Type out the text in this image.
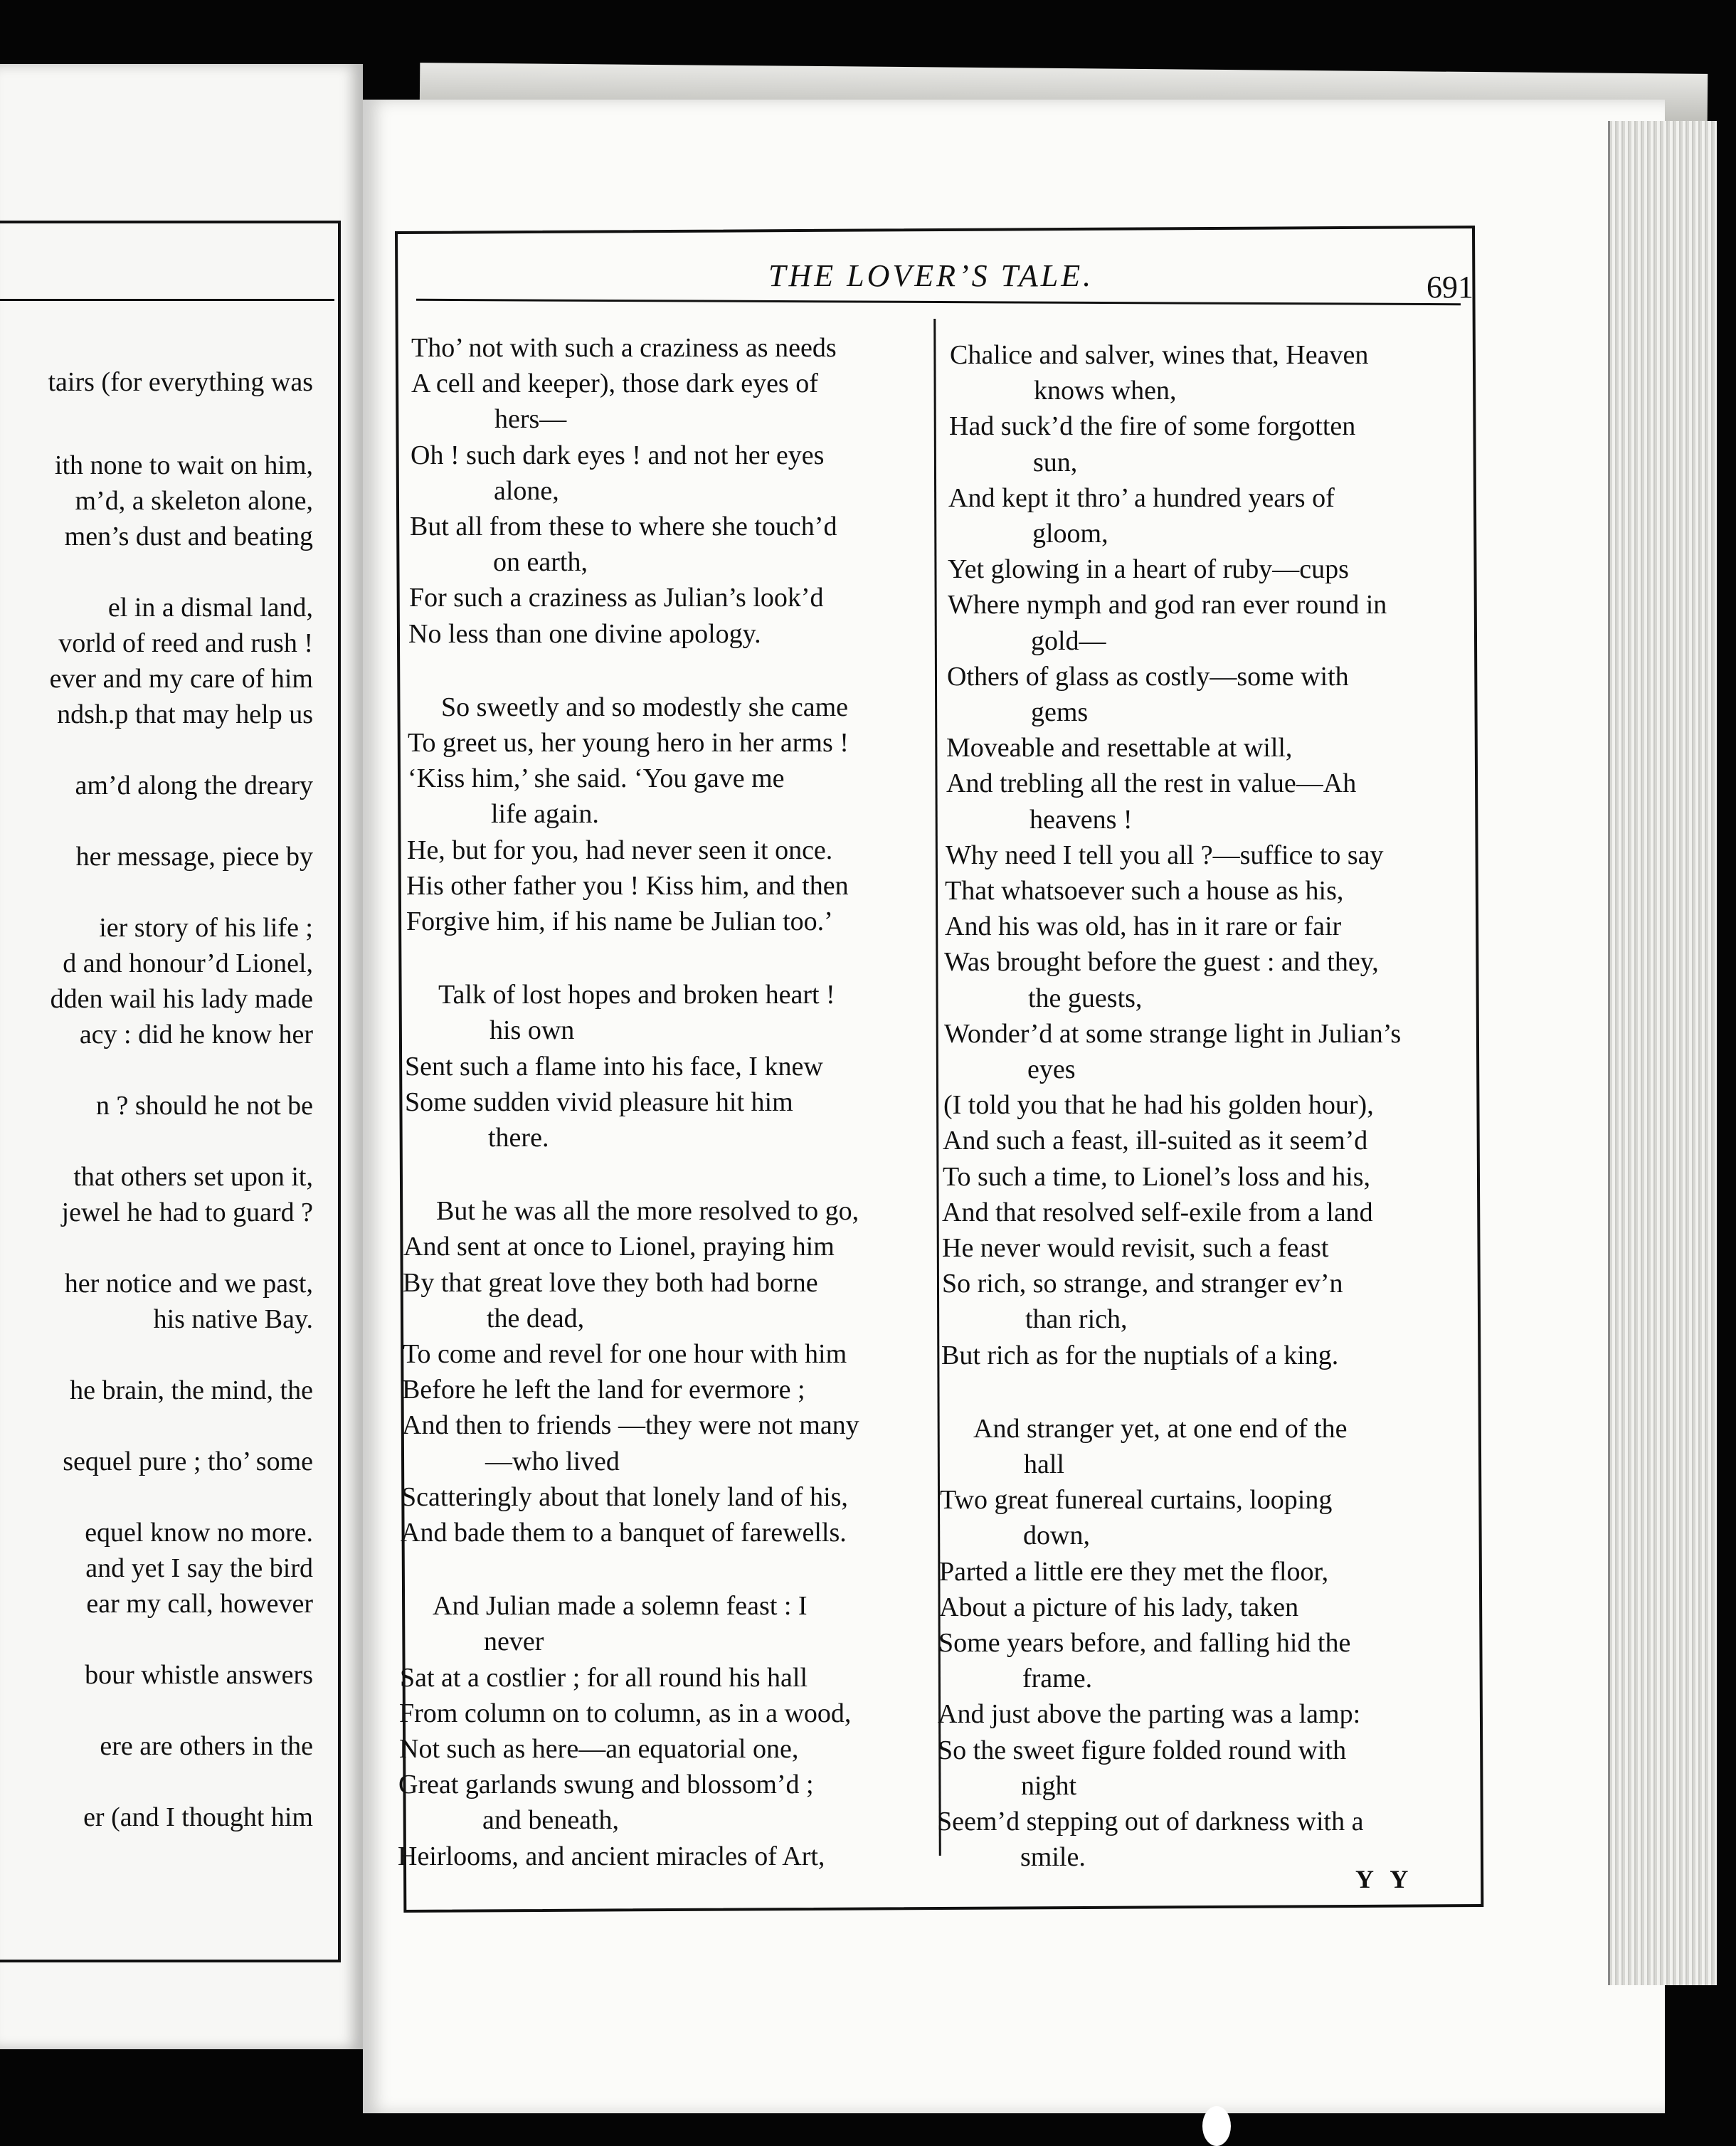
tairs (for everything was
ith none to wait on him,
m’d, a skeleton alone,
men’s dust and beating
el in a dismal land,
vorld of reed and rush !
ever and my care of him
ndsh.p that may help us
am’d along the dreary
her message, piece by
ier story of his life ;
d and honour’d Lionel,
dden wail his lady made
acy : did he know her
n ? should he not be
that others set upon it,
jewel he had to guard ?
her notice and we past,
his native Bay.
he brain, the mind, the
sequel pure ; tho’ some
equel know no more.
and yet I say the bird
ear my call, however
bour whistle answers
ere are others in the
er (and I thought him
THE LOVER’S TALE.	691
Tho’ not with such a craziness as needs
A cell and keeper), those dark eyes of
hers—
Oh ! such dark eyes ! and not her eyes
alone,
But all from these to where she touch’d
on earth,
For such a craziness as Julian’s look’d
No less than one divine apology.
So sweetly and so modestly she came
To greet us, her young hero in her arms !
‘Kiss him,’ she said. ‘You gave me
life again.
He, but for you, had never seen it once.
His other father you ! Kiss him, and then
Forgive him, if his name be Julian too.’
Talk of lost hopes and broken heart !
his own
Sent such a flame into his face, I knew
Some sudden vivid pleasure hit him
there.
But he was all the more resolved to go,
And sent at once to Lionel, praying him
By that great love they both had borne
the dead,
To come and revel for one hour with him
Before he left the land for evermore ;
And then to friends —they were not many
—who lived
Scatteringly about that lonely land of his,
And bade them to a banquet of farewells.
And Julian made a solemn feast : I
never
Sat at a costlier ; for all round his hall
From column on to column, as in a wood,
Not such as here—an equatorial one,
Great garlands swung and blossom’d ;
and beneath,
Heirlooms, and ancient miracles of Art,
Chalice and salver, wines that, Heaven
knows when,
Had suck’d the fire of some forgotten
sun,
And kept it thro’ a hundred years of
gloom,
Yet glowing in a heart of ruby—cups
Where nymph and god ran ever round in
gold—
Others of glass as costly—some with
gems
Moveable and resettable at will,
And trebling all the rest in value—Ah
heavens !
Why need I tell you all ?—suffice to say
That whatsoever such a house as his,
And his was old, has in it rare or fair
Was brought before the guest : and they,
the guests,
Wonder’d at some strange light in Julian’s
eyes
(I told you that he had his golden hour),
And such a feast, ill-suited as it seem’d
To such a time, to Lionel’s loss and his,
And that resolved self-exile from a land
He never would revisit, such a feast
So rich, so strange, and stranger ev’n
than rich,
But rich as for the nuptials of a king.
And stranger yet, at one end of the
hall
Two great funereal curtains, looping
down,
Parted a little ere they met the floor,
About a picture of his lady, taken
Some years before, and falling hid the
frame.
And just above the parting was a lamp:
So the sweet figure folded round with
night
Seem’d stepping out of darkness with a
smile.
Y Y
